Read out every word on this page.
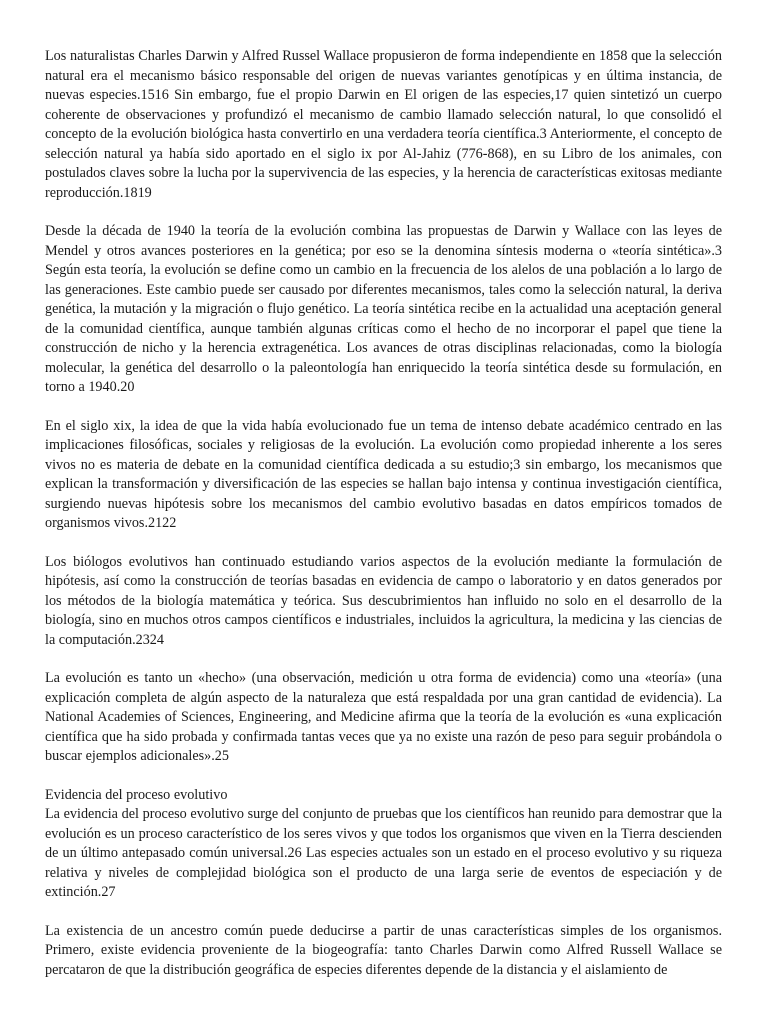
Los naturalistas Charles Darwin y Alfred Russel Wallace propusieron de forma independiente en 1858 que la selección natural era el mecanismo básico responsable del origen de nuevas variantes genotípicas y en última instancia, de nuevas especies.1516 Sin embargo, fue el propio Darwin en El origen de las especies,17 quien sintetizó un cuerpo coherente de observaciones y profundizó el mecanismo de cambio llamado selección natural, lo que consolidó el concepto de la evolución biológica hasta convertirlo en una verdadera teoría científica.3 Anteriormente, el concepto de selección natural ya había sido aportado en el siglo ix por Al-Jahiz (776-868), en su Libro de los animales, con postulados claves sobre la lucha por la supervivencia de las especies, y la herencia de características exitosas mediante reproducción.1819

Desde la década de 1940 la teoría de la evolución combina las propuestas de Darwin y Wallace con las leyes de Mendel y otros avances posteriores en la genética; por eso se la denomina síntesis moderna o «teoría sintética».3 Según esta teoría, la evolución se define como un cambio en la frecuencia de los alelos de una población a lo largo de las generaciones. Este cambio puede ser causado por diferentes mecanismos, tales como la selección natural, la deriva genética, la mutación y la migración o flujo genético. La teoría sintética recibe en la actualidad una aceptación general de la comunidad científica, aunque también algunas críticas como el hecho de no incorporar el papel que tiene la construcción de nicho y la herencia extragenética. Los avances de otras disciplinas relacionadas, como la biología molecular, la genética del desarrollo o la paleontología han enriquecido la teoría sintética desde su formulación, en torno a 1940.20

En el siglo xix, la idea de que la vida había evolucionado fue un tema de intenso debate académico centrado en las implicaciones filosóficas, sociales y religiosas de la evolución. La evolución como propiedad inherente a los seres vivos no es materia de debate en la comunidad científica dedicada a su estudio;3 sin embargo, los mecanismos que explican la transformación y diversificación de las especies se hallan bajo intensa y continua investigación científica, surgiendo nuevas hipótesis sobre los mecanismos del cambio evolutivo basadas en datos empíricos tomados de organismos vivos.2122

Los biólogos evolutivos han continuado estudiando varios aspectos de la evolución mediante la formulación de hipótesis, así como la construcción de teorías basadas en evidencia de campo o laboratorio y en datos generados por los métodos de la biología matemática y teórica. Sus descubrimientos han influido no solo en el desarrollo de la biología, sino en muchos otros campos científicos e industriales, incluidos la agricultura, la medicina y las ciencias de la computación.2324

La evolución es tanto un «hecho» (una observación, medición u otra forma de evidencia) como una «teoría» (una explicación completa de algún aspecto de la naturaleza que está respaldada por una gran cantidad de evidencia). La National Academies of Sciences, Engineering, and Medicine afirma que la teoría de la evolución es «una explicación científica que ha sido probada y confirmada tantas veces que ya no existe una razón de peso para seguir probándola o buscar ejemplos adicionales».25

Evidencia del proceso evolutivo

La evidencia del proceso evolutivo surge del conjunto de pruebas que los científicos han reunido para demostrar que la evolución es un proceso característico de los seres vivos y que todos los organismos que viven en la Tierra descienden de un último antepasado común universal.26 Las especies actuales son un estado en el proceso evolutivo y su riqueza relativa y niveles de complejidad biológica son el producto de una larga serie de eventos de especiación y de extinción.27

La existencia de un ancestro común puede deducirse a partir de unas características simples de los organismos. Primero, existe evidencia proveniente de la biogeografía: tanto Charles Darwin como Alfred Russell Wallace se percataron de que la distribución geográfica de especies diferentes depende de la distancia y el aislamiento de
